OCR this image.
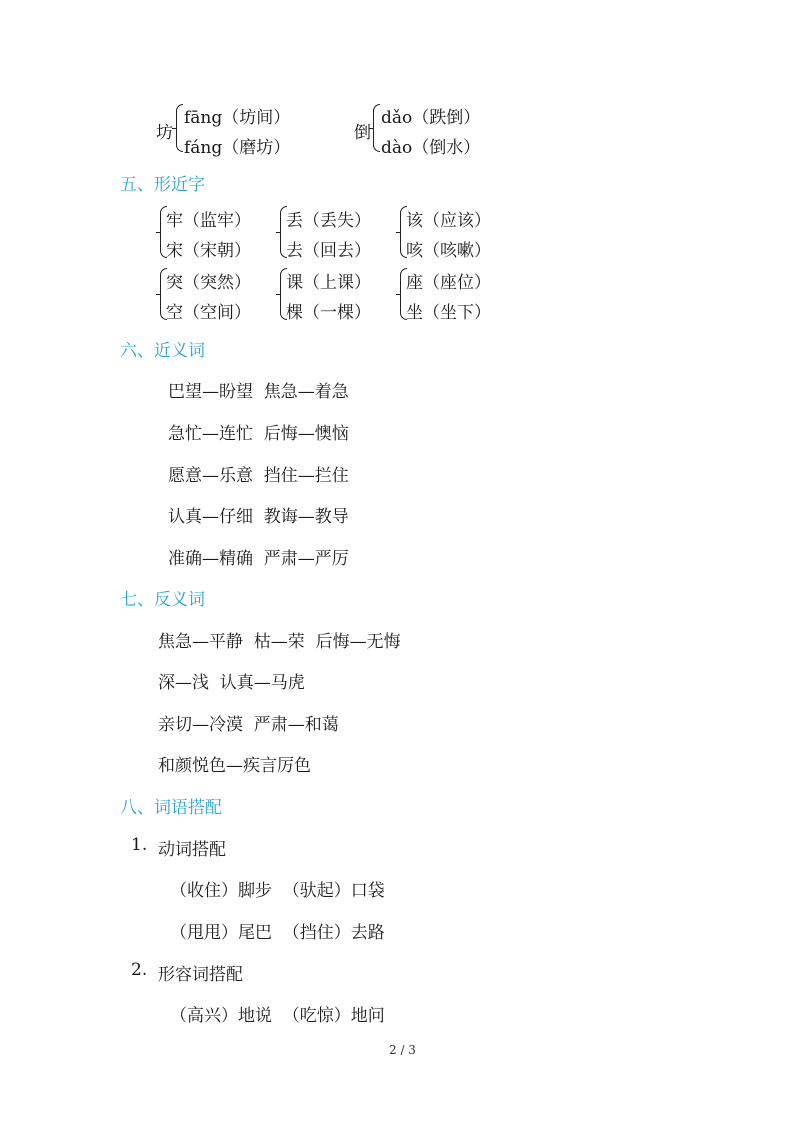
坊
fāng（坊间）
fáng（磨坊）
倒
dǎo（跌倒）
dào（倒水）
五、形近字
牢（监牢）
宋（宋朝）
丢（丢失）
去（回去）
该（应该）
咳（咳嗽）
突（突然）
空（空间）
课（上课）
棵（一棵）
座（座位）
坐（坐下）
六、近义词
巴望—盼望  焦急—着急
急忙—连忙  后悔—懊恼
愿意—乐意  挡住—拦住
认真—仔细  教诲—教导
准确—精确  严肃—严厉
七、反义词
焦急—平静  枯—荣  后悔—无悔
深—浅  认真—马虎
亲切—冷漠  严肃—和蔼
和颜悦色—疾言厉色
八、词语搭配
1. 动词搭配
（收住）脚步  （驮起）口袋
（甩甩）尾巴  （挡住）去路
2. 形容词搭配
（高兴）地说  （吃惊）地问
2 / 3
